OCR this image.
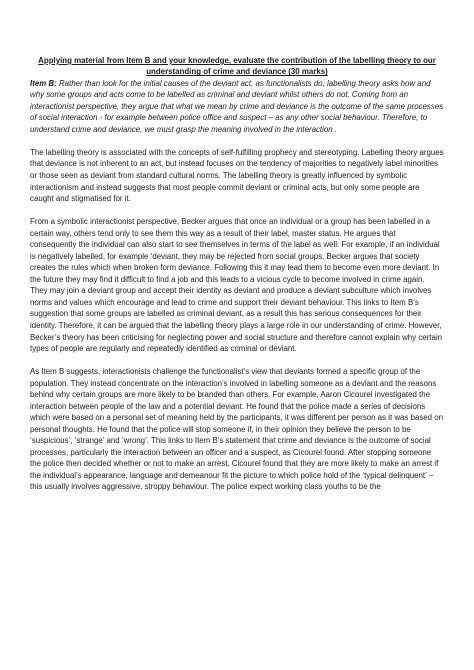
Applying material from Item B and your knowledge, evaluate the contribution of the labelling theory to our understanding of crime and deviance (30 marks)

Item B: Rather than look for the initial causes of the deviant act, as functionalists do, labelling theory asks how and why some groups and acts come to be labelled as criminal and deviant whilst others do not. Coming from an interactionist perspective, they argue that what we mean by crime and deviance is the outcome of the same processes of social interaction - for example between police office and suspect – as any other social behaviour. Therefore, to understand crime and deviance, we must grasp the meaning involved in the interaction .

The labelling theory is associated with the concepts of self-fulfilling prophecy and stereotyping. Labelling theory argues that deviance is not inherent to an act, but instead focuses on the tendency of majorities to negatively label minorities or those seen as deviant from standard cultural norms. The labelling theory is greatly influenced by symbolic interactionism and instead suggests that most people commit deviant or criminal acts, but only some people are caught and stigmatised for it.

From a symbolic interactionist perspective, Becker argues that once an individual or a group has been labelled in a certain way, others tend only to see them this way as a result of their label, master status. He argues that consequently the individual can also start to see themselves in terms of the label as well. For example, if an individual is negatively labelled, for example ‘deviant, they may be rejected from social groups, Becker argues that society creates the rules which when broken form deviance. Following this it may lead them to become even more deviant. In the future they may find it difficult to find a job and this leads to a vicious cycle to become involved in crime again. They may join a deviant group and accept their identity as deviant and produce a deviant subculture which involves norms and values which encourage and lead to crime and support their deviant behaviour. This links to Item B’s suggestion that some groups are labelled as criminal deviant, as a result this has serious consequences for their identity. Therefore, it can be argued that the labelling theory plays a large role in our understanding of crime. However, Becker’s theory has been criticising for neglecting power and social structure and therefore cannot explain why certain types of people are regularly and repeatedly identified as criminal or deviant.

As Item B suggests, interactionists challenge the functionalist’s view that deviants formed a specific group of the population. They instead concentrate on the interaction’s involved in labelling someone as a deviant and the reasons behind why certain groups are more likely to be branded than others. For example, Aaron Cicourel investigated the interaction between people of the law and a potential deviant. He found that the police made a series of decisions which were based on a personal set of meaning held by the participants, it was different per person as it was based on personal thoughts. He found that the police will stop someone if, in their opinion they believe the person to be ‘suspicious’, ‘strange’ and ‘wrong’. This links to Item B’s statement that crime and deviance is the outcome of social processes, particularly the interaction between an officer and a suspect, as Cicourel found. After stopping someone the police then decided whether or not to make an arrest, Cicourel found that they are more likely to make an arrest if the individual’s appearance, language and demeanour fit the picture to which police hold of the ‘typical delinquent’ – this usually involves aggressive, stroppy behaviour. The police expect working class youths to be the
